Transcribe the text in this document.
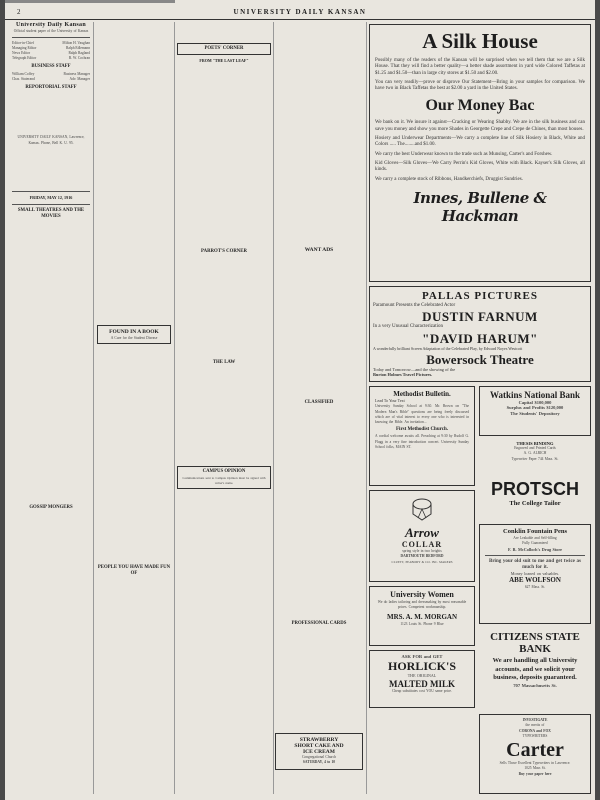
2	UNIVERSITY DAILY KANSAN
University Daily Kansan
Official student paper of the University of Kansas
Editor-in-Chief	Milton H. Vaughan
Managing Editor	Ralph Edlemann
News Editor	Ralph Ragland
Telegraph Editor	R. W. Cochran
BUSINESS STAFF
William Coffey	Business Manager
Chas. Stuterand	Adv. Manager
REPORTORIAL STAFF
UNIVERSITY DAILY KANSAN, Lawrence, Kansas. Phone, Bell K. U. 95.
FRIDAY, MAY 12, 1916
SMALL THEATRES AND THE MOVIES
GOSSIP MONGERS
FOUND IN A BOOK
A Cure for the Student Disease
PEOPLE YOU HAVE MADE FUN OF
POETS' CORNER
FROM "THE LAST LEAF"
PARROT'S CORNER
THE LAW
CAMPUS OPINION
Communications sent to Campus Opinion must be signed with writer's name.
WANT ADS
CLASSIFIED
PROFESSIONAL CARDS
STRAWBERRY
SHORT CAKE AND
ICE CREAM
Congregational Church
SATURDAY, 4 to 10
A Silk House

Possibly many of the readers of the Kansan will be surprised when we tell them that we are a Silk House. That they will find a better quality—a better shade assortment in yard wide Colored Taffetas at $1.25 and $1.50—than in large city stores at $1.50 and $2.00.

You can very readily—prove or disprove Our Statement—Bring in your samples for comparison. We have two in Black Taffetas the best at $2.00 a yard in the United States.

Our Money Bac

We bank on it. We insure it against—Cracking or Wearing Shabby. We are in the silk business and can save you money and show you more Shades in Georgette Crepe and Crepe de Chines, than most houses.

Hosiery and Underwear Departments—We carry a complete line of Silk Hosiery in Black, White and Colors ..... The........and $1.00.

We carry the best Underwear known to the trade such as Munsing, Carter's and Forshew.

Kid Gloves—Silk Gloves—We Carry Perrin's Kid Gloves, White with Black. Kayser's Silk Gloves, all kinds.

We carry a complete stock of Ribbons, Handkerchiefs, Druggist Sundries.

Innes, Bullene & Hackman
PALLAS PICTURES
Paramount Presents the Celebrated Actor
DUSTIN FARNUM
In a very Unusual Characterization
"DAVID HARUM"
A wonderfully brilliant Screen Adaptation of the Celebrated Play, by Edward Noyes Westcott
Bowersock Theatre
Today and Tomorrow—and the showing of the
Burton Holmes Travel Pictures.
Methodist Bulletin.
Lead To Your Text
University Sunday School at 9:30. Mr. Brown on "The Modern Man's Bible" questions are being freely discussed which are of vital interest to every one who is interested in knowing the Bible. An invitation...
First Methodist Church.
A cordial welcome awaits all. Preaching at 9:30 by Rudolf G. Flagg in a very fine introduction concert. University Sunday School folks, MAIN ST.
Watkins National Bank
Capital $100,000
Surplus and Profits $120,000
The Students' Depository
THESIS BINDING
Engraved and Printed Cards
A. G. ALRICH
Typewriter Paper 744 Mass. St.
PROTSCH
The College Tailor
Conklin Fountain Pens
Are Leakable and Self-filling
Fully Guaranteed
F. B. McColloch's Drug Store
Bring your old suit to me and get twice as much for it.
Money loaned on valuables.
ABE WOLFSON
627 Mass. St.
Arrow
COLLAR
spring style in two heights
DARTMOUTH BEDFORD
CLUETT, PEABODY & CO. INC. MAKERS
University Women
We do ladies tailoring and dressmaking by most reasonable prices. Competent workmanship.
MRS. A. M. MORGAN
1123 Louis St. Phone 9 Blue
ASK FOR and GET
HORLICK'S
THE ORIGINAL
MALTED MILK
Cheap substitutes cost YOU same price.
CITIZENS STATE BANK
We are handling all University accounts, and we solicit your business, deposits guaranteed.
707 Massachusetts St.
INVESTIGATE
the merits of
CORONA and FOX
TYPEWRITERS
Carter
Sells Those Excellent Typewriters in Lawrence.
1025 Mass St.
Buy your paper here
